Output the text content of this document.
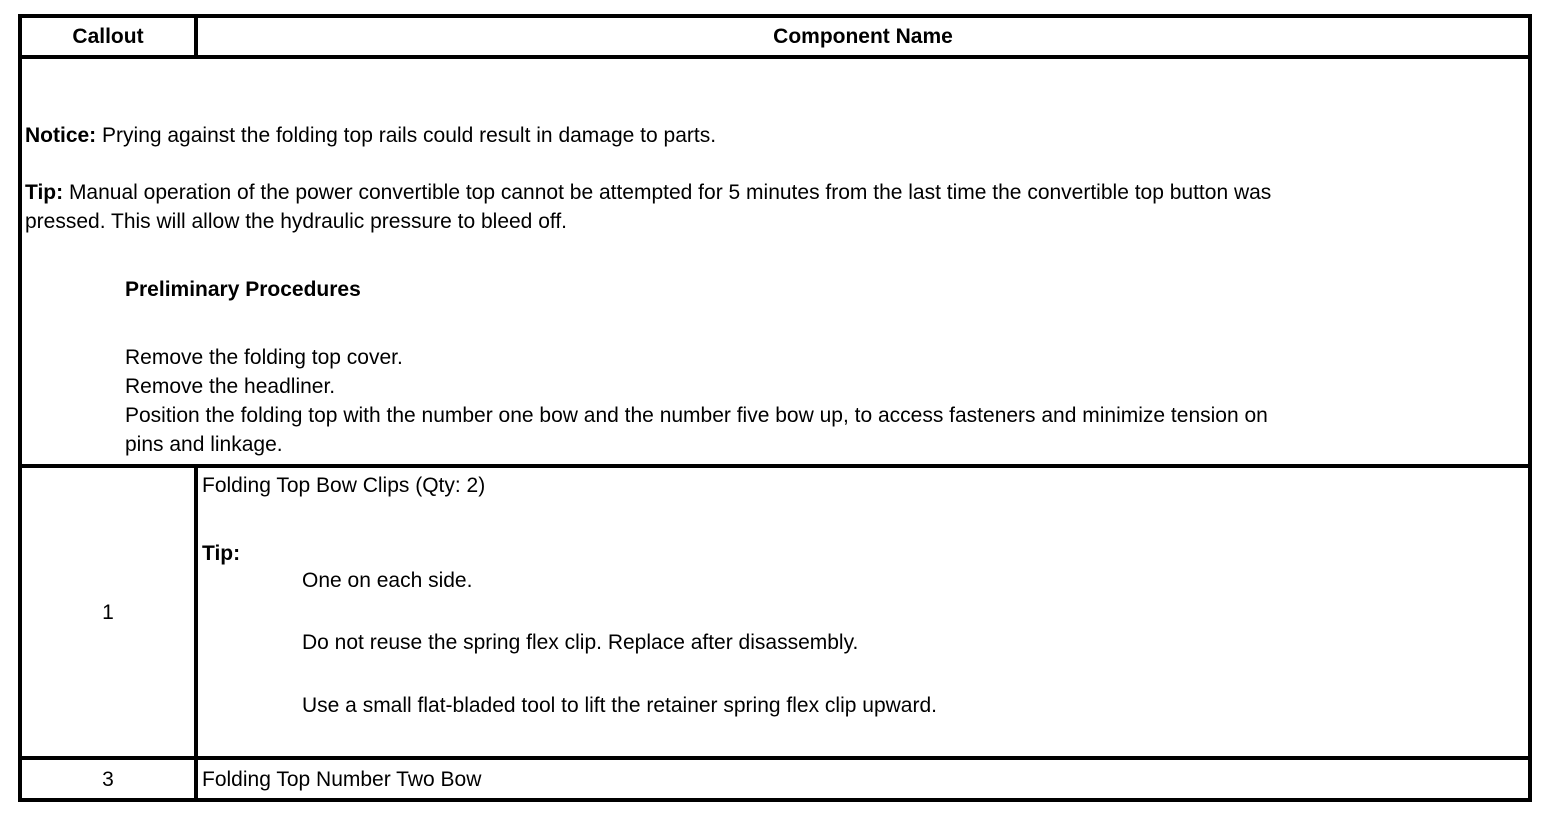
Callout	Component Name
Notice: Prying against the folding top rails could result in damage to parts.
Tip: Manual operation of the power convertible top cannot be attempted for 5 minutes from the last time the convertible top button was
pressed. This will allow the hydraulic pressure to bleed off.
Preliminary Procedures
Remove the folding top cover.
Remove the headliner.
Position the folding top with the number one bow and the number five bow up, to access fasteners and minimize tension on
pins and linkage.
1
Folding Top Bow Clips (Qty: 2)
Tip:
One on each side.
Do not reuse the spring flex clip. Replace after disassembly.
Use a small flat-bladed tool to lift the retainer spring flex clip upward.
3	Folding Top Number Two Bow
